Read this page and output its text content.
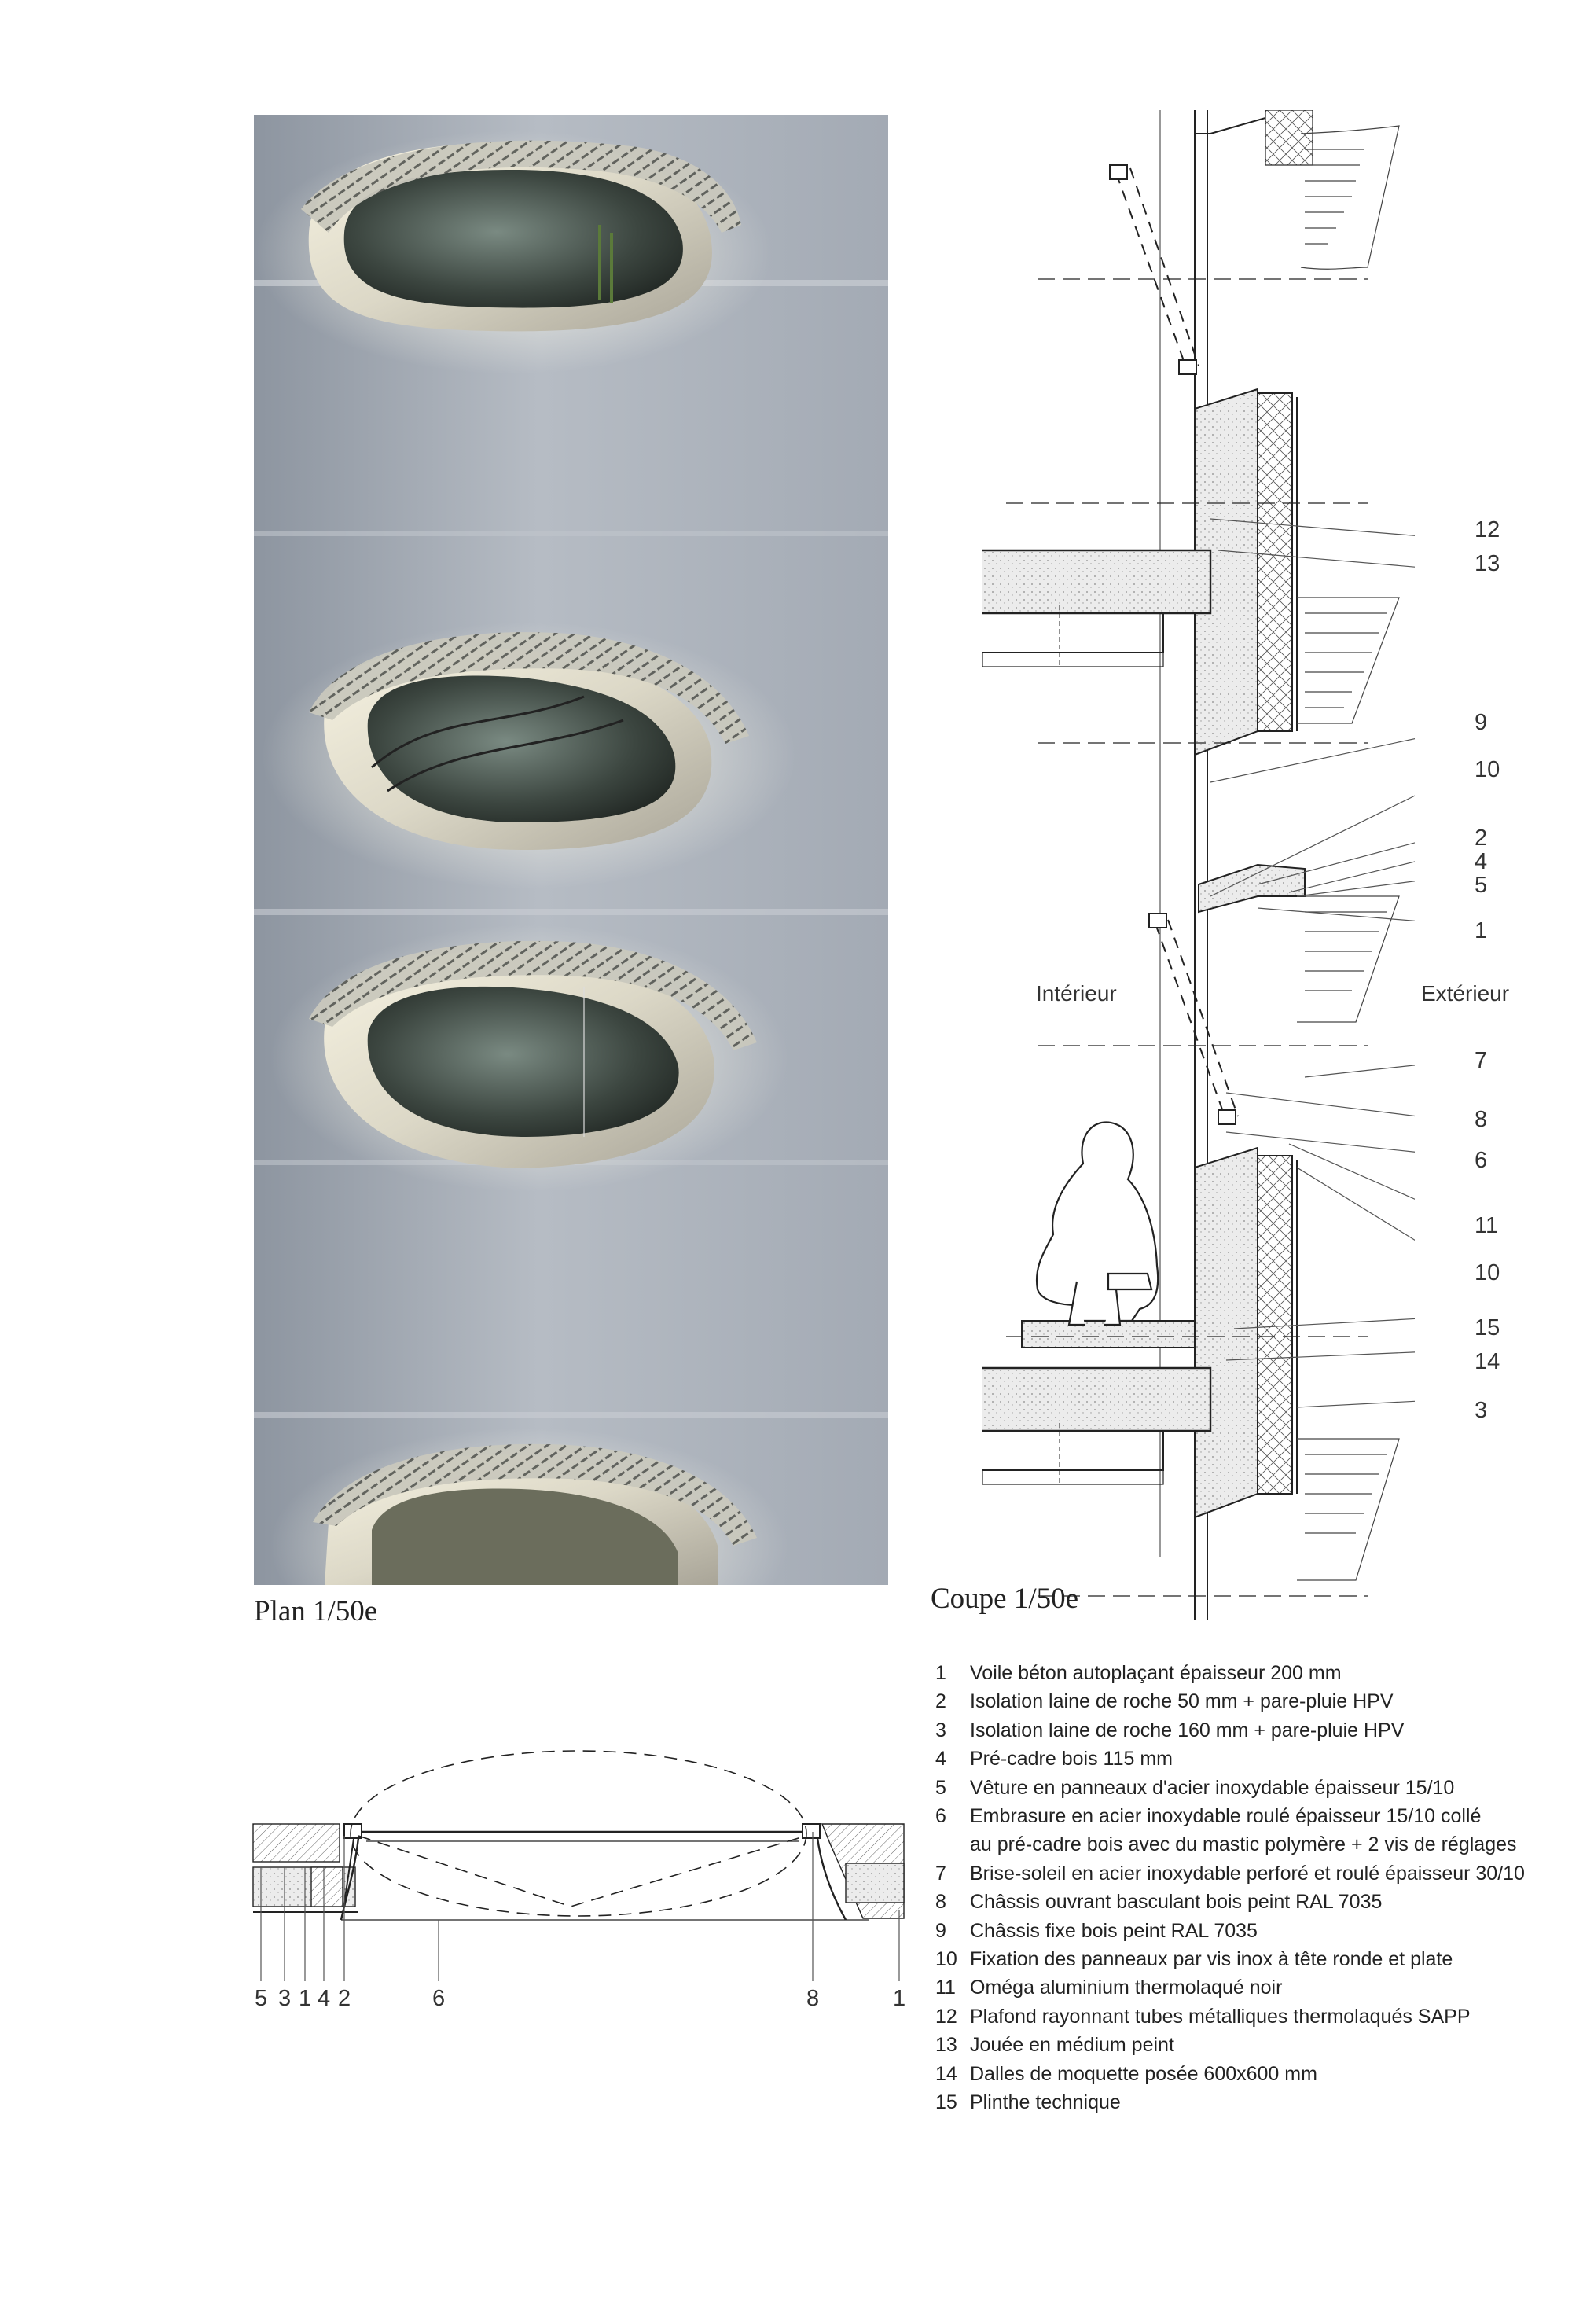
Plan 1/50e	Coupe 1/50e
Intérieur	Extérieur
12
13
9
10
2
4
5
1
7
8
6
11
10
15
14
3
5 3 1 4 2	6	8	1
1	Voile béton autoplaçant épaisseur 200 mm
2	Isolation laine de roche 50 mm + pare-pluie HPV
3	Isolation laine de roche 160 mm + pare-pluie HPV
4	Pré-cadre bois 115 mm
5	Vêture en panneaux d'acier inoxydable épaisseur 15/10
6	Embrasure en acier inoxydable roulé épaisseur 15/10 collé
au pré-cadre bois avec du mastic polymère + 2 vis de réglages
7	Brise-soleil en acier inoxydable perforé et roulé épaisseur 30/10
8	Châssis ouvrant basculant bois peint RAL 7035
9	Châssis fixe bois peint RAL 7035
10 Fixation des panneaux par vis inox à tête ronde et plate
11 Oméga aluminium thermolaqué noir
12 Plafond rayonnant tubes métalliques thermolaqués SAPP
13 Jouée en médium peint
14 Dalles de moquette posée 600x600 mm
15 Plinthe technique
